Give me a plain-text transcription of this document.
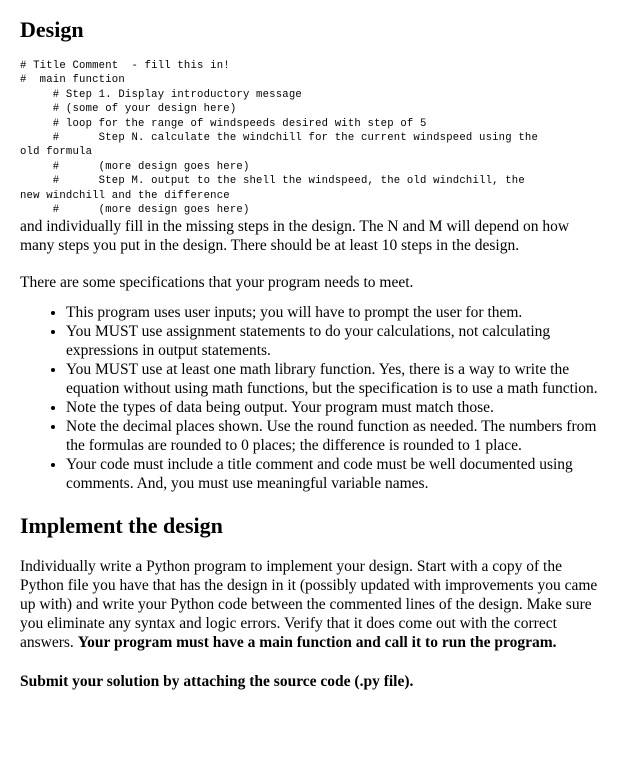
Design
# Title Comment  - fill this in!
#  main function
# Step 1. Display introductory message
# (some of your design here)
# loop for the range of windspeeds desired with step of 5
#      Step N. calculate the windchill for the current windspeed using the
old formula
#      (more design goes here)
#      Step M. output to the shell the windspeed, the old windchill, the
new windchill and the difference
#      (more design goes here)

and individually fill in the missing steps in the design. The N and M will depend on how many steps you put in the design. There should be at least 10 steps in the design.

There are some specifications that your program needs to meet.

• This program uses user inputs; you will have to prompt the user for them.
• You MUST use assignment statements to do your calculations, not calculating expressions in output statements.
• You MUST use at least one math library function. Yes, there is a way to write the equation without using math functions, but the specification is to use a math function.
• Note the types of data being output. Your program must match those.
• Note the decimal places shown. Use the round function as needed. The numbers from the formulas are rounded to 0 places; the difference is rounded to 1 place.
• Your code must include a title comment and code must be well documented using comments. And, you must use meaningful variable names.
Implement the design

Individually write a Python program to implement your design. Start with a copy of the Python file you have that has the design in it (possibly updated with improvements you came up with) and write your Python code between the commented lines of the design. Make sure you eliminate any syntax and logic errors. Verify that it does come out with the correct answers. Your program must have a main function and call it to run the program.

Submit your solution by attaching the source code (.py file).
